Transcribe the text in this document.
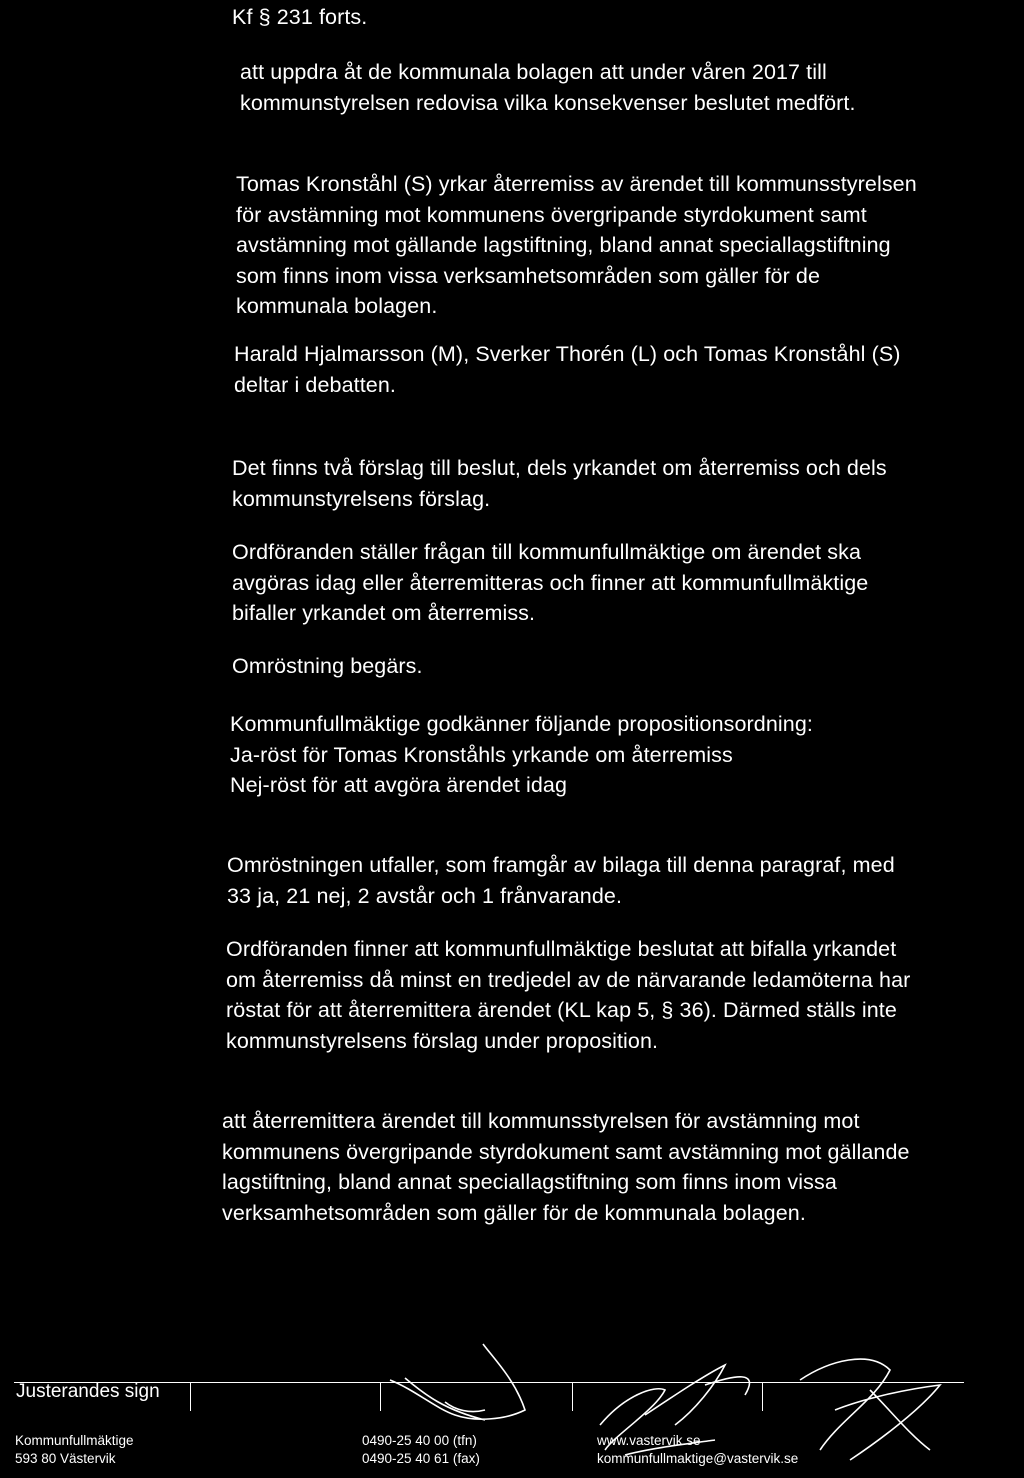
Kf § 231 forts.
att uppdra åt de kommunala bolagen att under våren 2017 till
kommunstyrelsen redovisa vilka konsekvenser beslutet medfört.
Tomas Kronståhl (S) yrkar återremiss av ärendet till kommunsstyrelsen
för avstämning mot kommunens övergripande styrdokument samt
avstämning mot gällande lagstiftning, bland annat speciallagstiftning
som finns inom vissa verksamhetsområden som gäller för de
kommunala bolagen.
Harald Hjalmarsson (M), Sverker Thorén (L) och Tomas Kronståhl (S)
deltar i debatten.
Det finns två förslag till beslut, dels yrkandet om återremiss och dels
kommunstyrelsens förslag.
Ordföranden ställer frågan till kommunfullmäktige om ärendet ska
avgöras idag eller återremitteras och finner att kommunfullmäktige
bifaller yrkandet om återremiss.
Omröstning begärs.
Kommunfullmäktige godkänner följande propositionsordning:
Ja-röst för Tomas Kronståhls yrkande om återremiss
Nej-röst för att avgöra ärendet idag
Omröstningen utfaller, som framgår av bilaga till denna paragraf, med
33 ja, 21 nej, 2 avstår och 1 frånvarande.
Ordföranden finner att kommunfullmäktige beslutat att bifalla yrkandet
om återremiss då minst en tredjedel av de närvarande ledamöterna har
röstat för att återremittera ärendet (KL kap 5, § 36). Därmed ställs inte
kommunstyrelsens förslag under proposition.
att återremittera ärendet till kommunsstyrelsen för avstämning mot
kommunens övergripande styrdokument samt avstämning mot gällande
lagstiftning, bland annat speciallagstiftning som finns inom vissa
verksamhetsområden som gäller för de kommunala bolagen.
Justerandes sign
Kommunfullmäktige
593 80 Västervik
0490-25 40 00 (tfn)
0490-25 40 61 (fax)
www.vastervik.se
kommunfullmaktige@vastervik.se
